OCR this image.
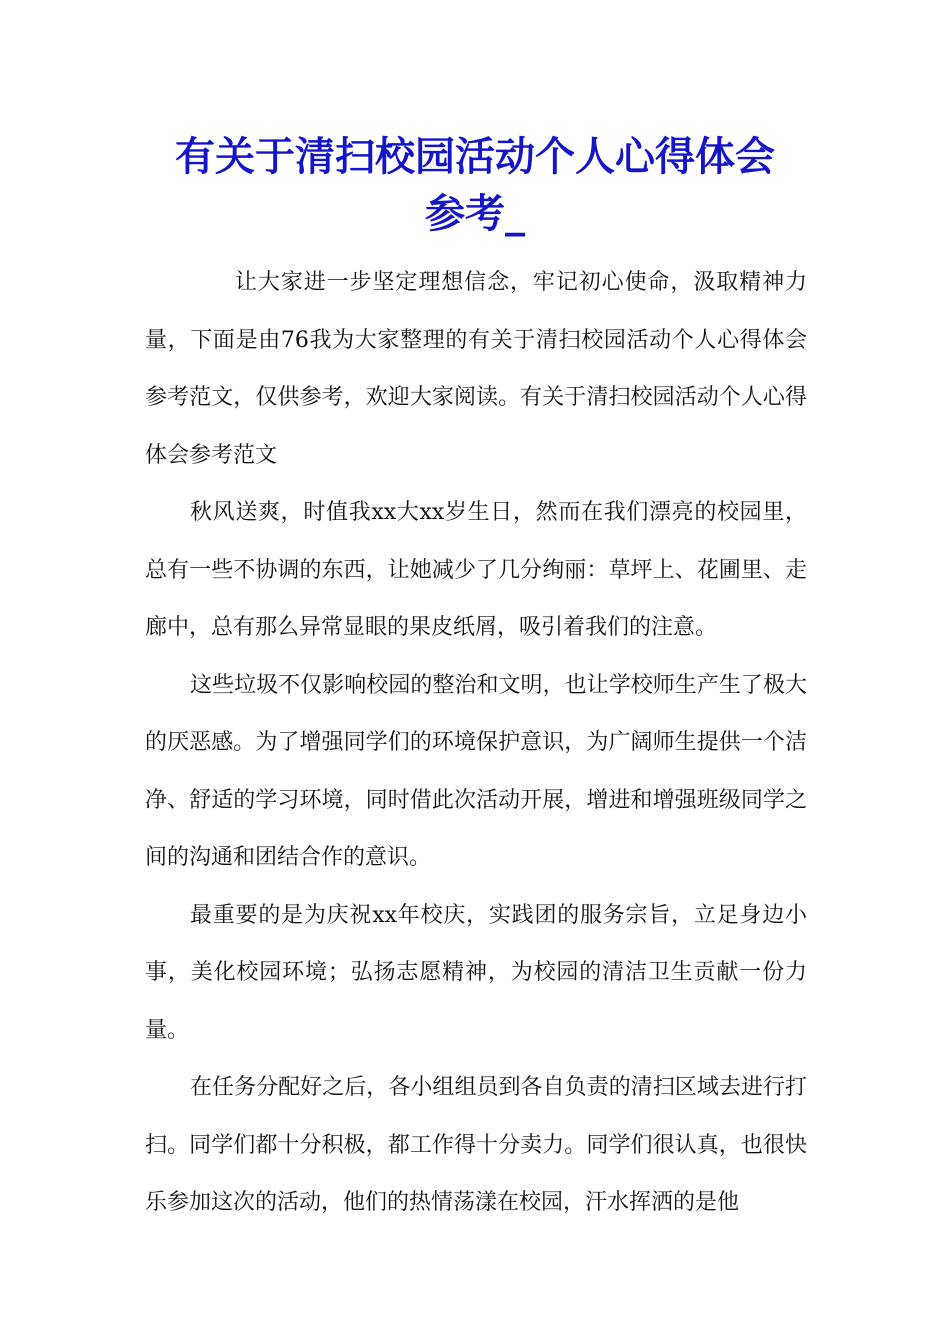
有关于清扫校园活动个人心得体会
参考_

让大家进一步坚定理想信念，牢记初心使命，汲取精神力量，下面是由76我为大家整理的有关于清扫校园活动个人心得体会参考范文，仅供参考，欢迎大家阅读。有关于清扫校园活动个人心得体会参考范文

秋风送爽，时值我xx大xx岁生日，然而在我们漂亮的校园里，总有一些不协调的东西，让她减少了几分绚丽：草坪上、花圃里、走廊中，总有那么异常显眼的果皮纸屑，吸引着我们的注意。

这些垃圾不仅影响校园的整治和文明，也让学校师生产生了极大的厌恶感。为了增强同学们的环境保护意识，为广阔师生提供一个洁净、舒适的学习环境，同时借此次活动开展，增进和增强班级同学之间的沟通和团结合作的意识。

最重要的是为庆祝xx年校庆，实践团的服务宗旨，立足身边小事，美化校园环境；弘扬志愿精神，为校园的清洁卫生贡献一份力量。

在任务分配好之后，各小组组员到各自负责的清扫区域去进行打扫。同学们都十分积极，都工作得十分卖力。同学们很认真，也很快乐参加这次的活动，他们的热情荡漾在校园，汗水挥洒的是他
